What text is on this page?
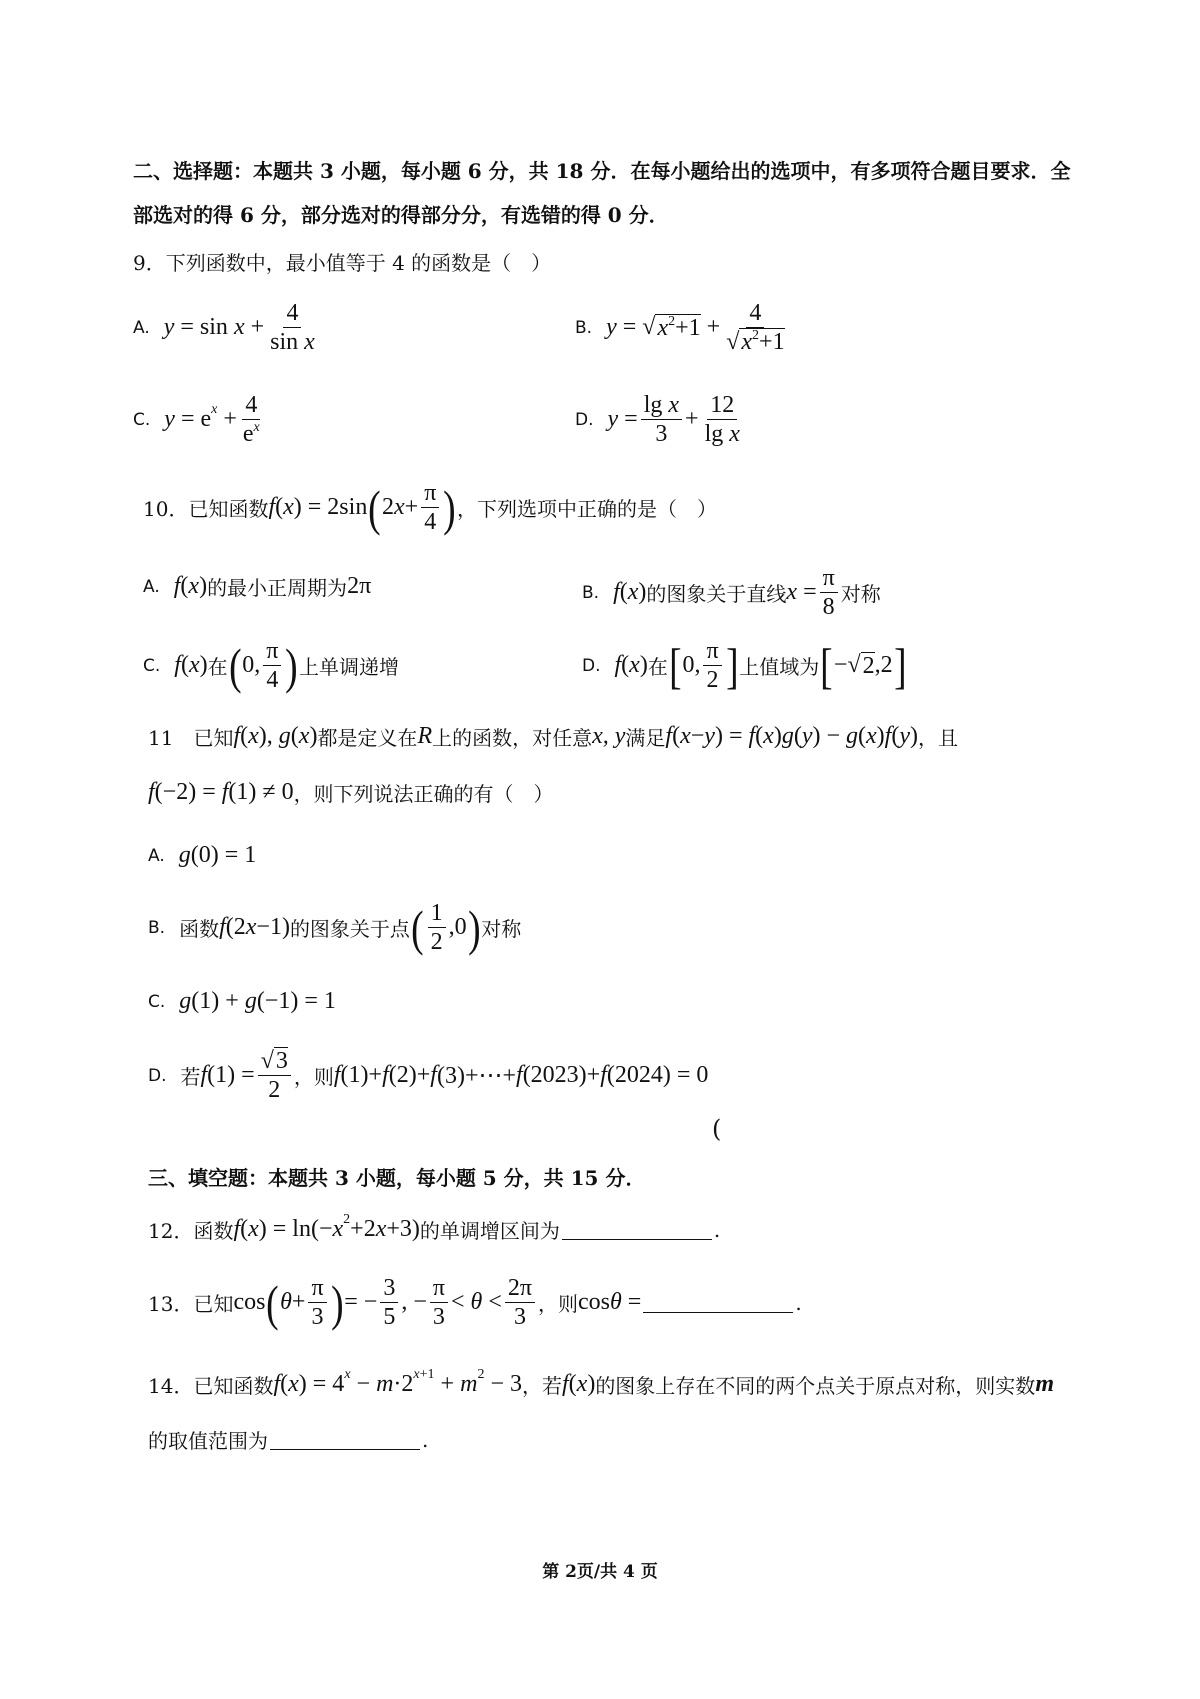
二、选择题：本题共 3 小题，每小题 6 分，共 18 分．在每小题给出的选项中，有多项符合题目要求．全
部选对的得 6 分，部分选对的得部分分，有选错的得 0 分．
9．下列函数中，最小值等于 4 的函数是（　）
A. $y = \sin x + \frac{4}{\text{sin x}}$	B. y = √ $x^2+1 + \frac{4}{√x^2+1}$
C. y = e $x + \frac{4}{e^x}$	D. $y = \frac{\text{lg x}}{3} + \frac{12}{\text{lg x}}$
10．已知函数 f ( x ) = 2sin ( 2 $x + \frac{\pi}{4}$ ) ，下列选项中正确的是（　）
A. f ( x ) 的最小正周期为 2π	B. f ( x ) 的图象关于直线 $x = \frac{\pi}{8}$ 对称
C. f ( x ) 在 ( 0, $\frac{\pi}{4}$ ) 上单调递增	D. f ( x ) 在 [ 0, $\frac{\pi}{2}$ ] 上值域为 [ −√ 2 ,2 ]
11　已知 f ( x ), g ( x ) 都是定义在 R 上的函数，对任意 x, y 满足 f ( x − y ) = f ( x ) g ( y ) − g ( x ) f ( y ) ，且
f (−2) = f (1) ≠ 0 ，则下列说法正确的有（　）
A. g (0) = 1
B. 函数 f (2 x −1) 的图象关于点 ( $\frac{1}{2} ,0$ ) 对称
C. g (1) + g (−1) = 1
D. 若 f $(1) = \frac{√3}{2}$ ，则 f (1)+ f (2)+ f (3)+⋯+ f (2023)+ f (2024) = 0
(
三、填空题：本题共 3 小题，每小题 5 分，共 15 分．
12．函数 f ( x ) = ln(− x 2 +2 x +3) 的单调增区间为	.
13．已知 cos ( $\theta + \frac{\pi}{3}$ ) = − $\frac{3}{5}$ , − $\frac{\pi}{3} < \theta < \frac{2\pi}{3}$ ，则 cos θ =	.
14．已知函数 f ( x ) = 4 x − m ·2 x+1 + m 2 − 3 ，若 f ( x ) 的图象上存在不同的两个点关于原点对称，则实数 m
的取值范围为	.
第 2页/共 4 页
